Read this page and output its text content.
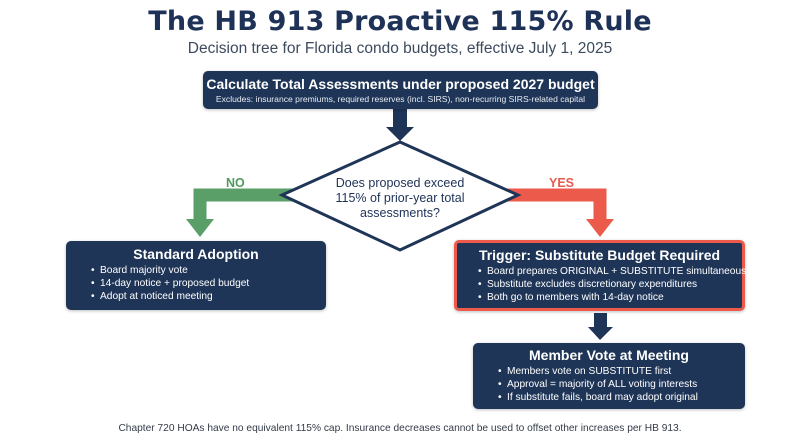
The HB 913 Proactive 115% Rule
Decision tree for Florida condo budgets, effective July 1, 2025
Calculate Total Assessments under proposed 2027 budget
Excludes: insurance premiums, required reserves (incl. SIRS), non-recurring SIRS-related capital
Does proposed exceed
115% of prior-year total
assessments?
NO	YES
Standard Adoption
• Board majority vote
• 14-day notice + proposed budget
• Adopt at noticed meeting
Trigger: Substitute Budget Required
• Board prepares ORIGINAL + SUBSTITUTE simultaneously
• Substitute excludes discretionary expenditures
• Both go to members with 14-day notice
Member Vote at Meeting
• Members vote on SUBSTITUTE first
• Approval = majority of ALL voting interests
• If substitute fails, board may adopt original
Chapter 720 HOAs have no equivalent 115% cap. Insurance decreases cannot be used to offset other increases per HB 913.
